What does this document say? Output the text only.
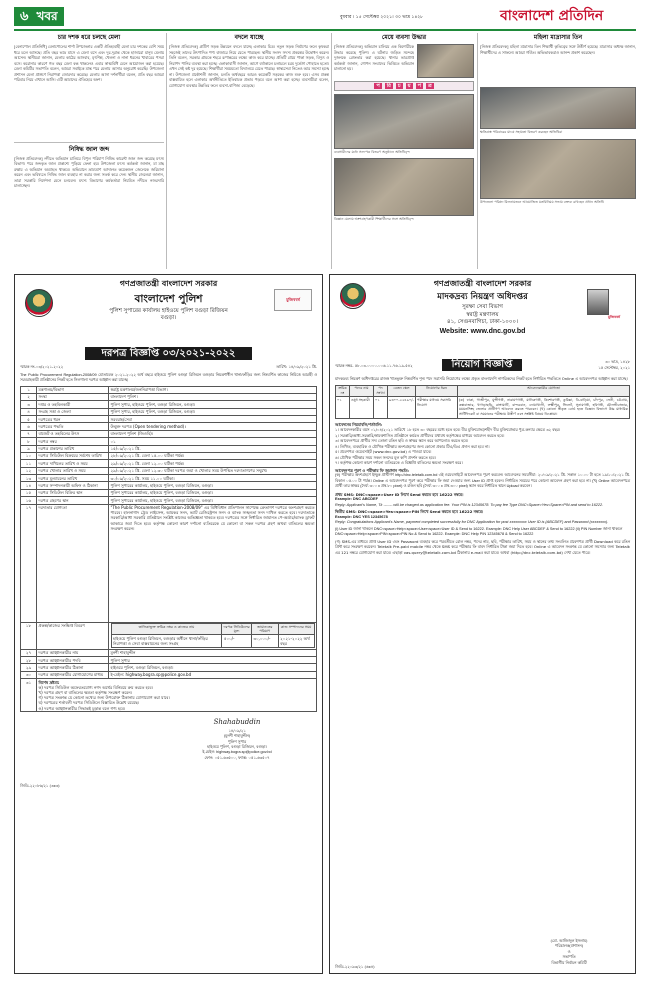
৬ খবর	বুধবার । ১৫ সেপ্টেম্বর ২০২১। ৩০ ভাদ্র ১৪২৮	বাংলাদেশ প্রতিদিন
চার দশক ধরে চলছে মেলা
[বেনাপোল প্রতিনিধি] বেনাপোলের শার্শা উপজেলার একটি ঐতিহ্যবাহী মেলা চার দশকের বেশি সময় ধরে চলে আসছে। প্রতি বছর ভাদ্র মাসে এ মেলা বসে এবং দূর-দূরান্ত থেকে হাজারো মানুষ মেলায় আসেন। স্থানীয়রা জানান, মেলায় কাঠের আসবাব, মৃৎশিল্প, খেলনা ও নানা ধরনের খাবারের পসরা বসে। করোনার কারণে গত বছর মেলা বন্ধ থাকলেও এবার স্বাস্থ্যবিধি মেনে আয়োজন করা হয়েছে। মেলা কমিটির সভাপতি বলেন, আমরা সবাইকে মাস্ক পরে মেলায় আসার অনুরোধ করেছি। উপজেলা প্রশাসন মেলা প্রাঙ্গণে নিরাপত্তা জোরদার করেছে। মেলায় আসা দর্শনার্থীরা বলেন, প্রতি বছর আমরা পরিবার নিয়ে এখানে আসি। এটি আমাদের ঐতিহ্যের অংশ।
নিষিদ্ধ জাল জব্দ
[নিজস্ব প্রতিবেদক] নদীতে অভিযান চালিয়ে বিপুল পরিমাণ নিষিদ্ধ কারেন্ট জাল জব্দ করেছে মৎস্য বিভাগ। পরে জব্দকৃত জাল প্রকাশ্যে পুড়িয়ে ফেলা হয়। উপজেলা মৎস্য কর্মকর্তা জানান, মা মাছ রক্ষায় এ অভিযান অব্যাহত থাকবে। অভিযানে ভ্রাম্যমাণ আদালত কয়েকজন জেলেকে জরিমানা করেন এবং ভবিষ্যতে নিষিদ্ধ জাল ব্যবহার না করার জন্য সতর্ক করে দেন। স্থানীয় জেলেরা জানান, তারা সরকারি নির্দেশনা মেনে চলবেন। মৎস্য বিভাগের কর্মকর্তারা নিয়মিত নদীতে নজরদারি চালাচ্ছেন।
বদলে যাচ্ছে
[নিজস্ব প্রতিবেদক] গ্রামীণ সড়ক উন্নয়নে বদলে যাচ্ছে এলাকার চিত্র। নতুন সড়ক নির্মাণের ফলে কৃষকরা সহজেই তাদের উৎপাদিত পণ্য বাজারে নিয়ে যেতে পারছেন। স্থানীয় সংসদ সদস্য প্রকল্পের উদ্বোধন করেন। তিনি বলেন, সরকার গ্রামকে শহরে রূপান্তরের লক্ষ্যে কাজ করে যাচ্ছে। প্রতিটি গ্রামে পাকা সড়ক, বিদ্যুৎ ও নিরাপদ পানির ব্যবস্থা করা হচ্ছে। এলাকাবাসী জানান, আগে বর্ষাকালে চলাচলে চরম দুর্ভোগ পোহাতে হতো। এখন সেই কষ্ট দূর হয়েছে। শিক্ষার্থীরা সময়মতো বিদ্যালয়ে যেতে পারছে। স্বাস্থ্যসেবা নিতেও আর সমস্যা হচ্ছে না। উপজেলা প্রকৌশলী জানান, চলতি অর্থবছরে আরও কয়েকটি সড়কের কাজ শুরু হবে। এসব প্রকল্প বাস্তবায়িত হলে এলাকার অর্থনীতিতে ইতিবাচক প্রভাব পড়বে বলে আশা করা হচ্ছে। ব্যবসায়ীরা বলেন, যোগাযোগ ব্যবস্থার উন্নতির ফলে ব্যবসা-বাণিজ্য বেড়েছে।
মেয়ে ব্যবসা উদ্ধার
[নিজস্ব প্রতিবেদক] অভিযান চালিয়ে এক কিশোরীকে উদ্ধার করেছে পুলিশ। এ ঘটনায় জড়িত সন্দেহে দুজনকে গ্রেফতার করা হয়েছে। থানার ভারপ্রাপ্ত কর্মকর্তা জানান, গোপন সংবাদের ভিত্তিতে অভিযান চালানো হয়।
প	রি	চ	য়	প	ত্র
ব্যবসায়ীদের মধ্যে সনদপত্র বিতরণ অনুষ্ঠানে অতিথিবৃন্দ
বিজ্ঞান মেলায় অংশগ্রহণকারী শিক্ষার্থীদের সঙ্গে অতিথিবৃন্দ
মহিলা মাদ্রাসার তিন
[নিজস্ব প্রতিবেদক] মহিলা মাদ্রাসার তিন শিক্ষার্থী কৃতিত্বের সঙ্গে উত্তীর্ণ হয়েছে। মাদ্রাসার অধ্যক্ষ জানান, শিক্ষার্থীদের এ সাফল্যে আমরা গর্বিত। অভিভাবকরাও আনন্দ প্রকাশ করেছেন।
ক্ষতিগ্রস্ত পরিবারের মাঝে সহায়তা বিতরণ করছেন অতিথিরা
উপজেলা পরিষদ মিলনায়তনে আয়োজিত মতবিনিময় সভায় বক্তব্য রাখছেন প্রধান অতিথি
মুজিববর্ষ
গণপ্রজাতন্ত্রী বাংলাদেশ সরকার
বাংলাদেশ পুলিশ
পুলিশ সুপারের কার্যালয় হাইওয়ে পুলিশ বগুড়া রিজিয়ন
বগুড়া।
দরপত্র বিজ্ঞপ্তি ০৩/২০২১-২০২২
স্মারক নং-০৩/২০২১-২০২২	তারিখ: ১৪/০৯/২০২১ খ্রি.
The Public Procurement Regulation-2008/09 মোতাবেক ২০২১-২০২২ অর্থ বছরে হাইওয়ে পুলিশ বগুড়া রিজিয়ন বগুড়ার নিয়ন্ত্রণাধীন থানা/ফাঁড়ির জন্য নিম্নবর্ণিত কাজের নিমিত্তে আগ্রহী ও সরবরাহকারী প্রতিষ্ঠানের নিকট হতে সিলগালা দরপত্র আহ্বান করা যাচ্ছে।
১	মন্ত্রণালয়/বিভাগ	স্বরাষ্ট্র মন্ত্রণালয়/জননিরাপত্তা বিভাগ।
২	সংস্থা	বাংলাদেশ পুলিশ।
৩	দপ্তর ও তহবিলকারী	পুলিশ সুপার, হাইওয়ে পুলিশ, বগুড়া রিজিয়ন, বগুড়া।
৪	সংগ্রহ সত্তা ও জেলা	পুলিশ সুপার, হাইওয়ে পুলিশ, বগুড়া রিজিয়ন, বগুড়া।
৫	দরপত্রের ধরন	সরবরাহ/সেবা
৬	দরপত্রের পদ্ধতি	উন্মুক্ত দরপত্র (Open tendering method)।
৭	বাজেট ও তহবিলের উৎস	বাংলাদেশ পুলিশ (জিওবি)।
৮	দরপত্র নম্বর	০১
৯	দরপত্র প্রকাশের তারিখ	১৫/০৯/২০২১ খ্রি.
১০	দরপত্র সিডিউল বিক্রয়ের সর্বশেষ তারিখ	২৮/০৯/২০২১ খ্রি. বেলা ১৫.০০ ঘটিকা পর্যন্ত।
১১	দরপত্র দাখিলের তারিখ ও সময়	২৯/০৯/২০২১ খ্রি. বেলা ১২.০০ ঘটিকা পর্যন্ত।
১২	দরপত্র খোলার তারিখ ও সময়	২৯/০৯/২০২১ খ্রি. বেলা ১২.৩০ ঘটিকা দরপত্র জমা ও খোলার সময় উপস্থিত দরদাতাগণের সম্মুখে।
১৩	দরপত্র মূল্যায়নের তারিখ	৩০/০৯/২০২১ খ্রি. সময় ১১.০০ ঘটিকা।
১৪	দরপত্র সম্পাদনকারী অফিস ও ঠিকানা	পুলিশ সুপারের কার্যালয়, হাইওয়ে পুলিশ, বগুড়া রিজিয়ন, বগুড়া।
১৫	দরপত্র সিডিউল বিক্রির স্থান	পুলিশ সুপারের কার্যালয়, হাইওয়ে পুলিশ, বগুড়া রিজিয়ন, বগুড়া।
১৬	দরপত্র গ্রহণের স্থান	পুলিশ সুপারের কার্যালয়, হাইওয়ে পুলিশ, বগুড়া রিজিয়ন, বগুড়া।
১৭	দরদাতার যোগ্যতা	"The Public Procurement Regulation-2008/09" এর বিধিবিধান প্রতিপালন সাপেক্ষে ক্রেতাগণ দরপত্রে অংশগ্রহণ করতে পারবে। হালনাগাদ ট্রেড লাইসেন্স, আয়কর সনদ, ভ্যাট রেজিস্ট্রেশন সনদ ও ব্যাংক সচ্ছলতা সনদ দাখিল করতে হবে। দরদাতাকে সরকারি/আধা সরকারি প্রতিষ্ঠানে সংশ্লিষ্ট কাজের অভিজ্ঞতা থাকতে হবে। দরপত্রের সঙ্গে নির্ধারিত জামানত পে-অর্ডার/ব্যাংক ড্রাফট আকারে জমা দিতে হবে। কর্তৃপক্ষ কোনো কারণ দর্শানো ব্যতিরেকে যে কোনো বা সকল দরপত্র গ্রহণ অথবা বাতিলের ক্ষমতা সংরক্ষণ করেন।
১৮	প্রকল্প/কাজের সংক্ষিপ্ত বিবরণ		তালিকাভুক্ত ক্রমিক নম্বর ও কাজের নাম	দরপত্র সিডিউলের মূল্য	জামানতের পরিমাণ	কাজ সম্পাদনের সময়
হাইওয়ে পুলিশ বগুড়া রিজিয়ন, বগুড়ার অধীনে থানা/ফাঁড়ির নিরাপত্তা ও সেবা বাস্তবায়নের জন্য সংগ্রহ	৫০০/-	৩০,০০০/-	২০২১-২০২২ অর্থ বছর

২৭	দরপত্র আহ্বানকারীর নাম	মুনশী শাহাবুদ্দীন
২৮	দরপত্র আহ্বানকারীর পদবি	পুলিশ সুপার
২৯	দরপত্র আহ্বানকারীর ঠিকানা	হাইওয়ে পুলিশ, বগুড়া রিজিয়ন, বগুড়া।
৩০	দরপত্র আহ্বানকারীর যোগাযোগের মাধ্যম	ই-মেইল: highway.bogra.sp@police.gov.bd
৩১	বিশেষ দ্রষ্টব্য:
ক) দরপত্র সিডিউল অফেরতযোগ্য নগদ অর্থের বিনিময়ে ক্রয় করতে হবে।
খ) দরপত্র গ্রহণ বা বাতিলের ক্ষমতা কর্তৃপক্ষ সংরক্ষণ করেন।
গ) দরপত্র সংক্রান্ত যে কোনো তথ্যের জন্য উপরোক্ত ঠিকানায় যোগাযোগ করা যাবে।
ঘ) দরপত্রের শর্তাবলী দরপত্র সিডিউলে বিস্তারিত উল্লেখ রয়েছে।
ঙ) দরপত্র আহ্বানকারীর সিদ্ধান্তই চূড়ান্ত বলে গণ্য হবে।
Shahabuddin
১৪/০৯/২১
(মুনশী শাহাবুদ্দীন)
পুলিশ সুপার
হাইওয়ে পুলিশ, বগুড়া রিজিয়ন, বগুড়া।
ই-মেইল: highway.bogra.sp@police.gov.bd
ফোন: ০৫১-৬৩৫০০, ফ্যাক্স: ০৫১-৬৩৫০৭
জিডি-২২০৮৬/২১ (৩x৩)
মুজিববর্ষ
গণপ্রজাতন্ত্রী বাংলাদেশ সরকার
মাদকদ্রব্য নিয়ন্ত্রণ অধিদপ্তর
সুরক্ষা সেবা বিভাগ
স্বরাষ্ট্র মন্ত্রণালয়
৪১, সেগুনবাগিচা, ঢাকা-১০০০।
Website: www.dnc.gov.bd
স্মারক নম্বর- ৫৮.০৩.০০০০.০০৬.১১.৭৬.১৯-৫৪২	নিয়োগ বিজ্ঞপ্তি	৩০ ভাদ্র, ১৪২৮
১৫ সেপ্টেম্বর, ২০২১
মাদকদ্রব্য নিয়ন্ত্রণ অধিদপ্তরের রাজস্ব খাতভুক্ত নিম্নবর্ণিত শূন্য পদে সরাসরি নিয়োগের লক্ষ্যে প্রকৃত বাংলাদেশি নাগরিকদের নিকট হতে নির্ধারিত পদ্ধতিতে Online এ আবেদনপত্র আহ্বান করা যাচ্ছে।
ক্রমিক নং	পদের নাম	পদ সংখ্যা	বেতন স্কেল	নিয়োগের ধরন	আবেদনকারীর যোগ্যতা
০১	ওষুধ সহকারী	০১	৯৩০০-২২৪৯০/-	পরীক্ষার মাধ্যমে সরাসরি নিয়োগ	(ক) ঢাকা, গাজীপুর, মুন্সীগঞ্জ, নারায়ণগঞ্জ, মানিকগঞ্জ, কিশোরগঞ্জ, কুমিল্লা, বি-বাড়িয়া, চাঁদপুর, ফেনী, চট্টগ্রাম, কক্সবাজার, খাগড়াছড়ি, রাঙ্গামাটি, বান্দরবান, নোয়াখালী, লক্ষ্মীপুর, সিলেট, সুনামগঞ্জ, হবিগঞ্জ, মৌলভীবাজার, ময়মনসিংহ জেলার প্রার্থীগণ আবেদন করতে পারবেন। (খ) কোনো স্বীকৃত বোর্ড হতে বিজ্ঞান বিভাগে উচ্চ মাধ্যমিক সার্টিফিকেট বা সমমানের পরীক্ষায় উত্তীর্ণ এবং সংশ্লিষ্ট বিষয়ে ডিপ্লোমা।
আবেদনের নিয়মাবলি/শর্তাবলি:
১। আবেদনকারীর বয়স ০১/০৪/২০২১ তারিখে ১৮ হতে ৩০ বছরের মধ্যে হতে হবে। বীর মুক্তিযোদ্ধা/শহীদ বীর মুক্তিযোদ্ধার পুত্র-কন্যার ক্ষেত্রে ৩২ বছর।
২। সরকারি/আধা-সরকারি/স্বায়ত্তশাসিত প্রতিষ্ঠানে কর্মরত প্রার্থীদের যথাযথ কর্তৃপক্ষের মাধ্যমে আবেদন করতে হবে।
৩। আবেদনপত্রে প্রার্থীর সদ্য তোলা রঙিন ছবি ও স্বাক্ষর স্ক্যান করে আপলোড করতে হবে।
৪। লিখিত, ব্যবহারিক ও মৌখিক পরীক্ষায় অংশগ্রহণের জন্য কোনো প্রকার টিএ/ডিএ প্রদান করা হবে না।
৫। প্রবেশপত্র ওয়েবসাইট (www.dnc.gov.bd) এ পাওয়া যাবে।
৬। মৌখিক পরীক্ষার সময় সকল সনদের মূল কপি প্রদর্শন করতে হবে।
৭। কর্তৃপক্ষ কোনো কারণ দর্শানো ব্যতিরেকে এ বিজ্ঞপ্তি বাতিলের ক্ষমতা সংরক্ষণ করে।
আবেদনপত্র পূরণ ও পরীক্ষার ফি জমাদান পদ্ধতি:
(ক) পরীক্ষায় অংশগ্রহণে ইচ্ছুক প্রার্থীগণ http://dnc.teletalk.com.bd এই ওয়েবসাইটে আবেদনপত্র পূরণ করবেন। আবেদনের সময়সীমা: ২০/০৯/২০২১ খ্রি. সকাল ১০.০০ টা হতে ১৯/১০/২০২১ খ্রি. বিকাল ০৫.০০ টা পর্যন্ত। Online এ আবেদনপত্র পূরণ করে পরীক্ষার ফি জমা দেওয়ার জন্য User ID প্রাপ্ত হবেন। নির্ধারিত সময়ের পরে কোনো আবেদন গ্রহণ করা হবে না। (খ) Online আবেদনপত্রে প্রার্থী তার স্বাক্ষর (দৈর্ঘ্য ৩০০ x প্রস্থ ৮০ pixel) ও রঙিন ছবি (দৈর্ঘ্য ৩০০ x প্রস্থ ৩০০ pixel) স্ক্যান করে নির্ধারিত স্থানে Upload করবেন।
প্রথম SMS: DNC<space>User ID লিখে Send করতে হবে 16222 নম্বরে।
Example: DNC ABCDEF
Reply: Applicant's Name, Tk ------- will be charged as application fee. Your PIN is 12345678. To pay fee Type DNC<Space>Yes<Space>PIN and send to 16222.
দ্বিতীয় SMS: DNC<space>Yes<space>PIN লিখে Send করতে হবে 16222 নম্বরে।
Example: DNC YES 12345678
Reply: Congratulations Applicant's Name, payment completed successfully for DNC Application for post xxxxxxxxx User ID is (ABCDEF) and Password (xxxxxxxx).
(i) User ID জানা থাকলে DNC<space>Help<space>User<space>User ID & Send to 16222. Example: DNC Help User ABCDEF & Send to 16222 (ii) PIN Number জানা থাকলে DNC<space>Help<space>PIN<space>PIN No & Send to 16222. Example: DNC Help PIN 12345678 & Send to 16222
(গ) SMS-এর মাধ্যমে প্রাপ্ত User ID এবং Password ব্যবহার করে পরবর্তীতে রোল নম্বর, পদের নাম, ছবি, পরীক্ষার তারিখ, সময় ও স্থানের তথ্য সংবলিত প্রবেশপত্র প্রার্থী Download করে রঙিন প্রিন্ট করে সংরক্ষণ করবেন। Teletalk Pre-paid mobile নম্বর থেকে SMS করে পরীক্ষার ফি বাবদ নির্ধারিত টাকা জমা দিতে হবে। Online এ আবেদন সংক্রান্ত যে কোনো সমস্যার জন্য Teletalk এর 121 নম্বরে যোগাযোগ করা যাবে। এছাড়া vas.query@teletalk.com.bd ঠিকানায় e-mail করা যাবে। অথবা (http://dnc.teletalk.com.bd) দেখা যেতে পারে।
(মো. আজিজুল ইসলাম)
পরিচালক(প্রশাসন)
ও
সভাপতি
বিভাগীয় নির্বাচন কমিটি
জিডি-২২০৯৩/২১ (৬x৪)
